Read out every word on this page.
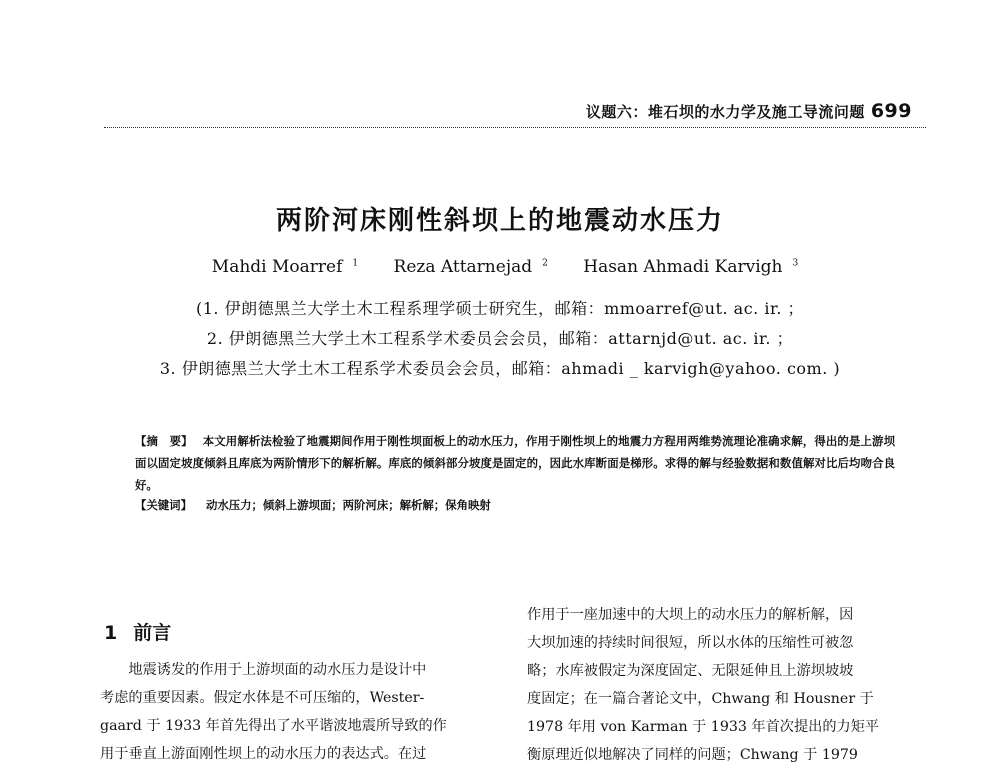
议题六：堆石坝的水力学及施工导流问题 699
两阶河床刚性斜坝上的地震动水压力
Mahdi Moarref $^1$ Reza Attarnejad $^2$ Hasan Ahmadi Karvigh $^3$
(1. 伊朗德黑兰大学土木工程系理学硕士研究生，邮箱：mmoarref@ut. ac. ir. ；
2. 伊朗德黑兰大学土木工程系学术委员会会员，邮箱：attarnjd@ut. ac. ir. ；
3. 伊朗德黑兰大学土木工程系学术委员会会员，邮箱：ahmadi _ karvigh@yahoo. com. )
【摘　要】 本文用解析法检验了地震期间作用于刚性坝面板上的动水压力，作用于刚性坝上的地震力方程用两维势流理论准确求解，得出的是上游坝面以固定坡度倾斜且库底为两阶情形下的解析解。库底的倾斜部分坡度是固定的，因此水库断面是梯形。求得的解与经验数据和数值解对比后均吻合良好。
【关键词】 动水压力；倾斜上游坝面；两阶河床；解析解；保角映射
1 前言
　　地震诱发的作用于上游坝面的动水压力是设计中
考虑的重要因素。假定水体是不可压缩的，Wester-
gaard 于 1933 年首先得出了水平谐波地震所导致的作
用于垂直上游面刚性坝上的动水压力的表达式。在过
作用于一座加速中的大坝上的动水压力的解析解，因
大坝加速的持续时间很短，所以水体的压缩性可被忽
略；水库被假定为深度固定、无限延伸且上游坝坡坡
度固定；在一篇合著论文中，Chwang 和 Housner 于
1978 年用 von Karman 于 1933 年首次提出的力矩平
衡原理近似地解决了同样的问题；Chwang 于 1979
